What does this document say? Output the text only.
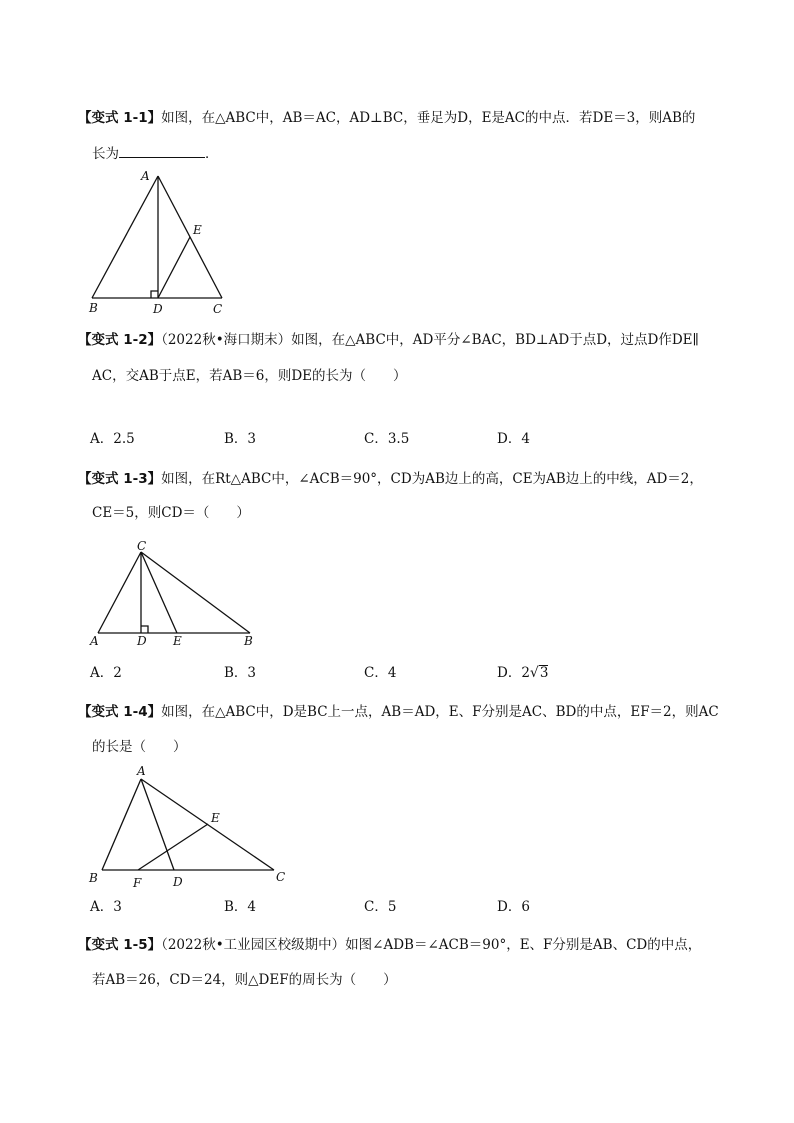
【变式 1-1】如图，在△ABC中，AB＝AC，AD⊥BC，垂足为D，E是AC的中点．若DE＝3，则AB的
长为	．
A
B	C
D
E
【变式 1-2】（2022秋•海口期末）如图，在△ABC中，AD平分∠BAC，BD⊥AD于点D，过点D作DE∥
AC，交AB于点E，若AB＝6，则DE的长为（　　）
A．2.5	B．3	C．3.5	D．4
【变式 1-3】如图，在Rt△ABC中，∠ACB＝90°，CD为AB边上的高，CE为AB边上的中线，AD＝2，
CE＝5，则CD＝（　　）
C
A	D E	B
A．2	B．3	C．4	D．2√3
【变式 1-4】如图，在△ABC中，D是BC上一点，AB＝AD，E、F分别是AC、BD的中点，EF＝2，则AC
的长是（　　）
A
E
B	F	D	C
A．3	B．4	C．5	D．6
【变式 1-5】（2022秋•工业园区校级期中）如图∠ADB＝∠ACB＝90°，E、F分别是AB、CD的中点，
若AB＝26，CD＝24，则△DEF的周长为（　　）
